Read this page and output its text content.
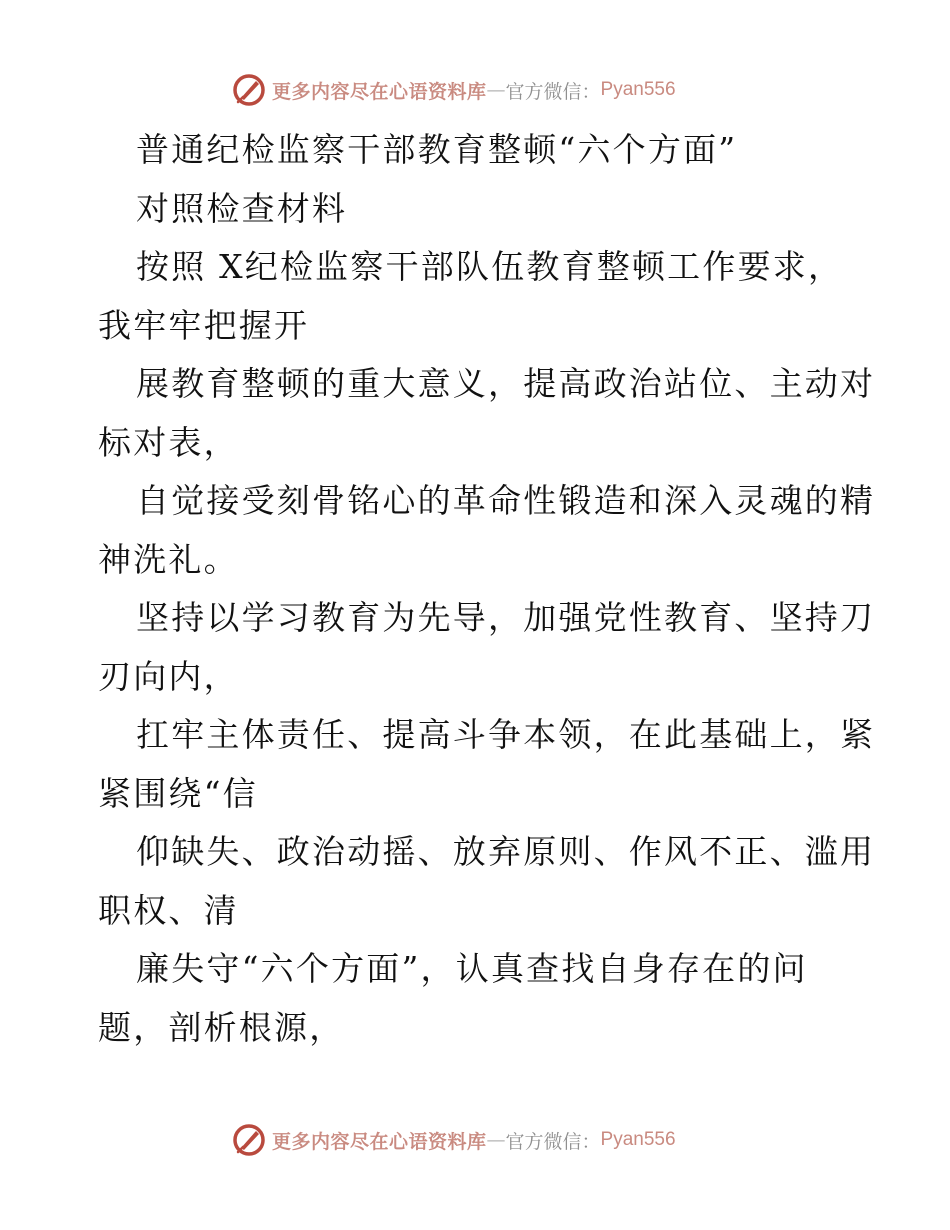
更多内容尽在心语资料库 — 官方微信： Pyan556
普通纪检监察干部教育整顿“六个方面”
对照检查材料
按照 X纪检监察干部队伍教育整顿工作要求，
我牢牢把握开
展教育整顿的重大意义，提高政治站位、主动对
标对表，
自觉接受刻骨铭心的革命性锻造和深入灵魂的精
神洗礼。
坚持以学习教育为先导，加强党性教育、坚持刀
刃向内，
扛牢主体责任、提高斗争本领，在此基础上，紧
紧围绕“信
仰缺失、政治动摇、放弃原则、作风不正、滥用
职权、清
廉失守“六个方面”，认真查找自身存在的问
题，剖析根源，
更多内容尽在心语资料库 — 官方微信： Pyan556
